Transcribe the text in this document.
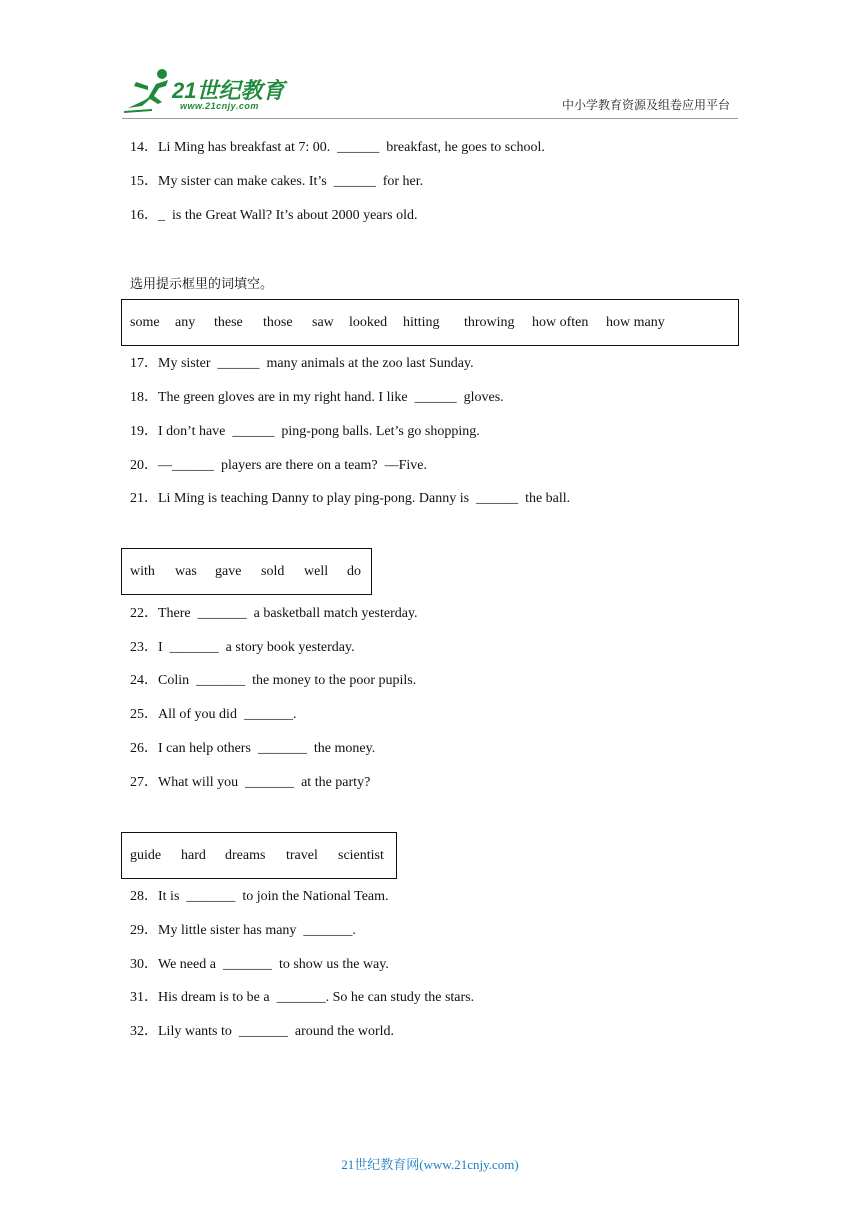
21世纪教育
www.21cnjy.com	中小学教育资源及组卷应用平台
14．Li Ming has breakfast at 7: 00.  ______  breakfast, he goes to school.
15．My sister can make cakes. It’s  ______  for her.
16．_  is the Great Wall? It’s about 2000 years old.
选用提示框里的词填空。
some any these those saw looked hitting throwing how often how many
17．My sister  ______  many animals at the zoo last Sunday.
18．The green gloves are in my right hand. I like  ______  gloves.
19．I don’t have  ______  ping-pong balls. Let’s go shopping.
20．—______  players are there on a team?  —Five.
21．Li Ming is teaching Danny to play ping-pong. Danny is  ______  the ball.
with was gave sold well do
22．There  _______  a basketball match yesterday.
23．I  _______  a story book yesterday.
24．Colin  _______  the money to the poor pupils.
25．All of you did  _______.
26．I can help others  _______  the money.
27．What will you  _______  at the party?
guide hard dreams travel scientist
28．It is  _______  to join the National Team.
29．My little sister has many  _______.
30．We need a  _______  to show us the way.
31．His dream is to be a  _______. So he can study the stars.
32．Lily wants to  _______  around the world.
21世纪教育网(www.21cnjy.com)
